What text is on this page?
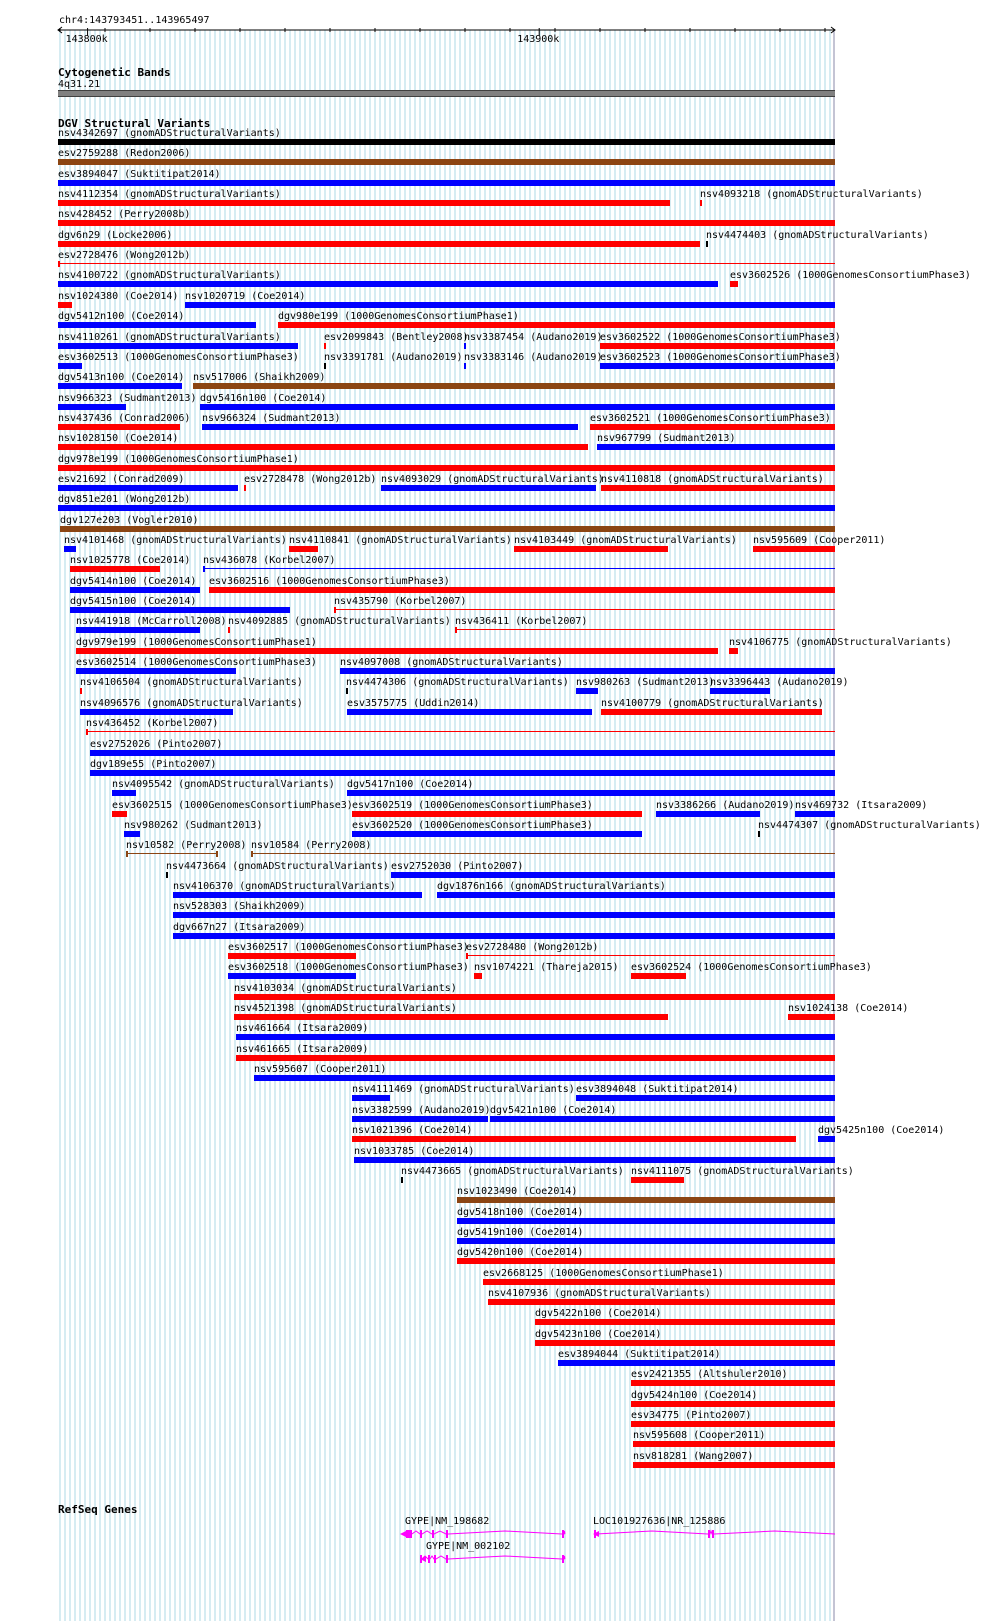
chr4:143793451..143965497
143800k	143900k
Cytogenetic Bands
4q31.21
DGV Structural Variants
nsv4342697 (gnomADStructuralVariants)
esv2759288 (Redon2006)
esv3894047 (Suktitipat2014)
nsv4112354 (gnomADStructuralVariants)	nsv4093218 (gnomADStructuralVariants)
nsv428452 (Perry2008b)
dgv6n29 (Locke2006)	nsv4474403 (gnomADStructuralVariants)
esv2728476 (Wong2012b)
nsv4100722 (gnomADStructuralVariants)	esv3602526 (1000GenomesConsortiumPhase3)
nsv1024380 (Coe2014) nsv1020719 (Coe2014)
dgv5412n100 (Coe2014)	dgv980e199 (1000GenomesConsortiumPhase1)
nsv4110261 (gnomADStructuralVariants)	esv2099843 (Bentley2008)
nsv3387454 (Audano2019)
esv3602522 (1000GenomesConsortiumPhase3)
esv3602513 (1000GenomesConsortiumPhase3)	nsv3391781 (Audano2019) nsv3383146 (Audano2019)
esv3602523 (1000GenomesConsortiumPhase3)
dgv5413n100 (Coe2014) nsv517006 (Shaikh2009)
nsv966323 (Sudmant2013) dgv5416n100 (Coe2014)
nsv437436 (Conrad2006) nsv966324 (Sudmant2013)	esv3602521 (1000GenomesConsortiumPhase3)
nsv1028150 (Coe2014)	nsv967799 (Sudmant2013)
dgv978e199 (1000GenomesConsortiumPhase1)
esv21692 (Conrad2009)	esv2728478 (Wong2012b) nsv4093029 (gnomADStructuralVariants)
nsv4110818 (gnomADStructuralVariants)
dgv851e201 (Wong2012b)
dgv127e203 (Vogler2010)
nsv4101468 (gnomADStructuralVariants) nsv4110841 (gnomADStructuralVariants) nsv4103449 (gnomADStructuralVariants) nsv595609 (Cooper2011)
nsv1025778 (Coe2014) nsv436078 (Korbel2007)
dgv5414n100 (Coe2014) esv3602516 (1000GenomesConsortiumPhase3)
dgv5415n100 (Coe2014)	nsv435790 (Korbel2007)
nsv441918 (McCarroll2008) nsv4092885 (gnomADStructuralVariants) nsv436411 (Korbel2007)
dgv979e199 (1000GenomesConsortiumPhase1)	nsv4106775 (gnomADStructuralVariants)
esv3602514 (1000GenomesConsortiumPhase3) nsv4097008 (gnomADStructuralVariants)
nsv4106504 (gnomADStructuralVariants)	nsv4474306 (gnomADStructuralVariants) nsv980263 (Sudmant2013)
nsv3396443 (Audano2019)
nsv4096576 (gnomADStructuralVariants)	esv3575775 (Uddin2014)	nsv4100779 (gnomADStructuralVariants)
nsv436452 (Korbel2007)
esv2752026 (Pinto2007)
dgv189e55 (Pinto2007)
nsv4095542 (gnomADStructuralVariants) dgv5417n100 (Coe2014)
esv3602515 (1000GenomesConsortiumPhase3) esv3602519 (1000GenomesConsortiumPhase3)	nsv3386266 (Audano2019) nsv469732 (Itsara2009)
nsv980262 (Sudmant2013)	esv3602520 (1000GenomesConsortiumPhase3)	nsv4474307 (gnomADStructuralVariants)
nsv10582 (Perry2008) nsv10584 (Perry2008)
nsv4473664 (gnomADStructuralVariants) esv2752030 (Pinto2007)
nsv4106370 (gnomADStructuralVariants)	dgv1876n166 (gnomADStructuralVariants)
nsv528303 (Shaikh2009)
dgv667n27 (Itsara2009)
esv3602517 (1000GenomesConsortiumPhase3)
esv2728480 (Wong2012b)
esv3602518 (1000GenomesConsortiumPhase3) nsv1074221 (Thareja2015) esv3602524 (1000GenomesConsortiumPhase3)
nsv4103034 (gnomADStructuralVariants)
nsv4521398 (gnomADStructuralVariants)	nsv1024138 (Coe2014)
nsv461664 (Itsara2009)
nsv461665 (Itsara2009)
nsv595607 (Cooper2011)
nsv4111469 (gnomADStructuralVariants) esv3894048 (Suktitipat2014)
nsv3382599 (Audano2019) dgv5421n100 (Coe2014)
nsv1021396 (Coe2014)	dgv5425n100 (Coe2014)
nsv1033785 (Coe2014)
nsv4473665 (gnomADStructuralVariants) nsv4111075 (gnomADStructuralVariants)
nsv1023490 (Coe2014)
dgv5418n100 (Coe2014)
dgv5419n100 (Coe2014)
dgv5420n100 (Coe2014)
esv2668125 (1000GenomesConsortiumPhase1)
nsv4107936 (gnomADStructuralVariants)
dgv5422n100 (Coe2014)
dgv5423n100 (Coe2014)
esv3894044 (Suktitipat2014)
esv2421355 (Altshuler2010)
dgv5424n100 (Coe2014)
esv34775 (Pinto2007)
nsv595608 (Cooper2011)
nsv818281 (Wang2007)
RefSeq Genes
GYPE|NM_198682	LOC101927636|NR_125886
GYPE|NM_002102
